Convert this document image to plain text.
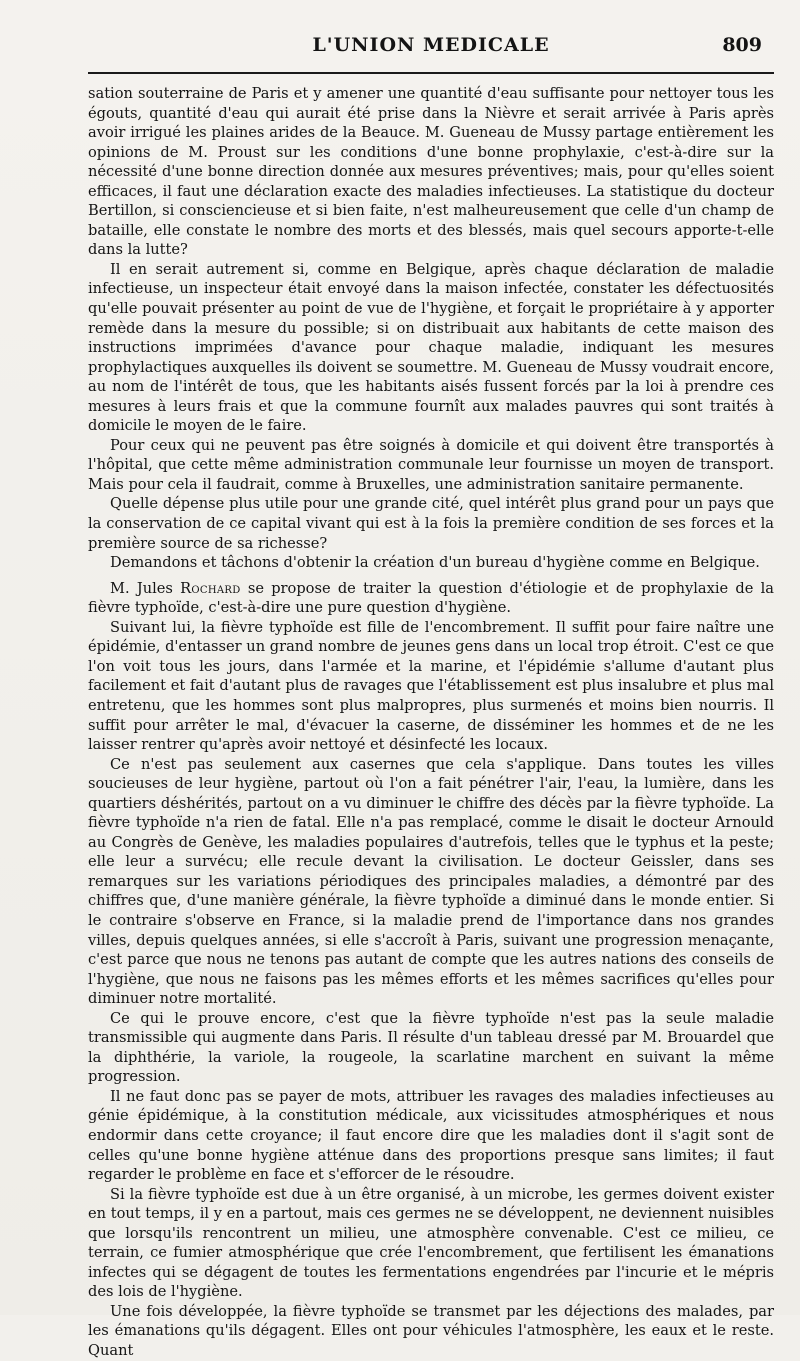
L'UNION MEDICALE	809

sation souterraine de Paris et y amener une quantité d'eau suffisante pour nettoyer tous les égouts, quantité d'eau qui aurait été prise dans la Nièvre et serait arrivée à Paris après avoir irrigué les plaines arides de la Beauce. M. Gueneau de Mussy partage entièrement les opinions de M. Proust sur les conditions d'une bonne prophylaxie, c'est-à-dire sur la nécessité d'une bonne direction donnée aux mesures préventives; mais, pour qu'elles soient efficaces, il faut une déclaration exacte des maladies infectieuses. La statistique du docteur Bertillon, si consciencieuse et si bien faite, n'est malheureusement que celle d'un champ de bataille, elle constate le nombre des morts et des blessés, mais quel secours apporte-t-elle dans la lutte?

Il en serait autrement si, comme en Belgique, après chaque déclaration de maladie infectieuse, un inspecteur était envoyé dans la maison infectée, constater les défectuosités qu'elle pouvait présenter au point de vue de l'hygiène, et forçait le propriétaire à y apporter remède dans la mesure du possible; si on distribuait aux habitants de cette maison des instructions imprimées d'avance pour chaque maladie, indiquant les mesures prophylactiques auxquelles ils doivent se soumettre. M. Gueneau de Mussy voudrait encore, au nom de l'intérêt de tous, que les habitants aisés fussent forcés par la loi à prendre ces mesures à leurs frais et que la commune fournît aux malades pauvres qui sont traités à domicile le moyen de le faire.

Pour ceux qui ne peuvent pas être soignés à domicile et qui doivent être transportés à l'hôpital, que cette même administration communale leur fournisse un moyen de transport. Mais pour cela il faudrait, comme à Bruxelles, une administration sanitaire permanente.

Quelle dépense plus utile pour une grande cité, quel intérêt plus grand pour un pays que la conservation de ce capital vivant qui est à la fois la première condition de ses forces et la première source de sa richesse?

Demandons et tâchons d'obtenir la création d'un bureau d'hygiène comme en Belgique.

M. Jules Rochard se propose de traiter la question d'étiologie et de prophylaxie de la fièvre typhoïde, c'est-à-dire une pure question d'hygiène.

Suivant lui, la fièvre typhoïde est fille de l'encombrement. Il suffit pour faire naître une épidémie, d'entasser un grand nombre de jeunes gens dans un local trop étroit. C'est ce que l'on voit tous les jours, dans l'armée et la marine, et l'épidémie s'allume d'autant plus facilement et fait d'autant plus de ravages que l'établissement est plus insalubre et plus mal entretenu, que les hommes sont plus malpropres, plus surmenés et moins bien nourris. Il suffit pour arrêter le mal, d'évacuer la caserne, de disséminer les hommes et de ne les laisser rentrer qu'après avoir nettoyé et désinfecté les locaux.

Ce n'est pas seulement aux casernes que cela s'applique. Dans toutes les villes soucieuses de leur hygiène, partout où l'on a fait pénétrer l'air, l'eau, la lumière, dans les quartiers déshérités, partout on a vu diminuer le chiffre des décès par la fièvre typhoïde. La fièvre typhoïde n'a rien de fatal. Elle n'a pas remplacé, comme le disait le docteur Arnould au Congrès de Genève, les maladies populaires d'autrefois, telles que le typhus et la peste; elle leur a survécu; elle recule devant la civilisation. Le docteur Geissler, dans ses remarques sur les variations périodiques des principales maladies, a démontré par des chiffres que, d'une manière générale, la fièvre typhoïde a diminué dans le monde entier. Si le contraire s'observe en France, si la maladie prend de l'importance dans nos grandes villes, depuis quelques années, si elle s'accroît à Paris, suivant une progression menaçante, c'est parce que nous ne tenons pas autant de compte que les autres nations des conseils de l'hygiène, que nous ne faisons pas les mêmes efforts et les mêmes sacrifices qu'elles pour diminuer notre mortalité.

Ce qui le prouve encore, c'est que la fièvre typhoïde n'est pas la seule maladie transmissible qui augmente dans Paris. Il résulte d'un tableau dressé par M. Brouardel que la diphthérie, la variole, la rougeole, la scarlatine marchent en suivant la même progression.

Il ne faut donc pas se payer de mots, attribuer les ravages des maladies infectieuses au génie épidémique, à la constitution médicale, aux vicissitudes atmosphériques et nous endormir dans cette croyance; il faut encore dire que les maladies dont il s'agit sont de celles qu'une bonne hygiène atténue dans des proportions presque sans limites; il faut regarder le problème en face et s'efforcer de le résoudre.

Si la fièvre typhoïde est due à un être organisé, à un microbe, les germes doivent exister en tout temps, il y en a partout, mais ces germes ne se développent, ne deviennent nuisibles que lorsqu'ils rencontrent un milieu, une atmosphère convenable. C'est ce milieu, ce terrain, ce fumier atmosphérique que crée l'encombrement, que fertilisent les émanations infectes qui se dégagent de toutes les fermentations engendrées par l'incurie et le mépris des lois de l'hygiène.

Une fois développée, la fièvre typhoïde se transmet par les déjections des malades, par les émanations qu'ils dégagent. Elles ont pour véhicules l'atmosphère, les eaux et le reste. Quant
